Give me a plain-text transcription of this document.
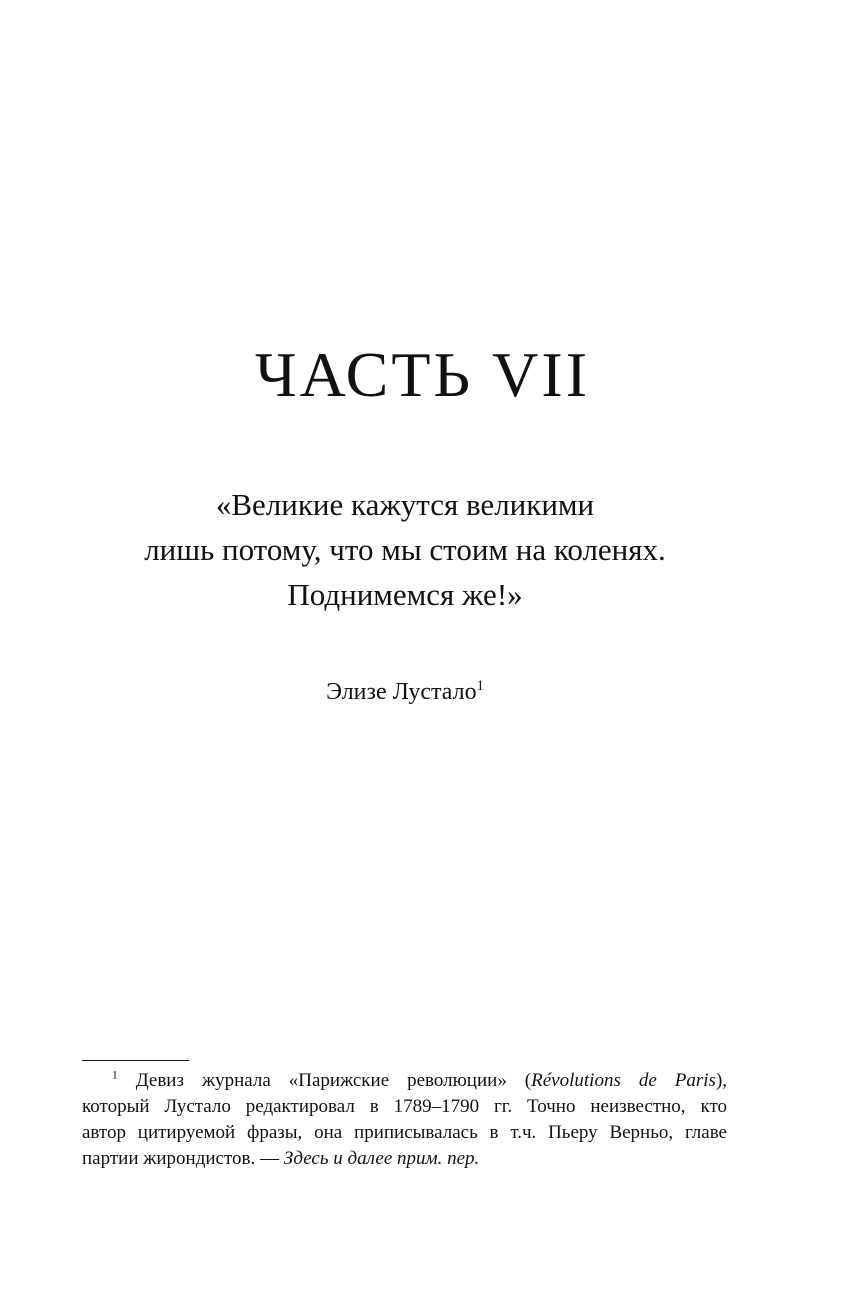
ЧАСТЬ VII
«Великие кажутся великими
лишь потому, что мы стоим на коленях.
Поднимемся же!»
Элизе Лустало$^1$
$^1$ Девиз журнала «Парижские революции» (Révolutions de Paris),
который Лустало редактировал в 1789–1790 гг. Точно неизвестно, кто
автор цитируемой фразы, она приписывалась в т.ч. Пьеру Верньо, главе
партии жирондистов. — Здесь и далее прим. пер.
